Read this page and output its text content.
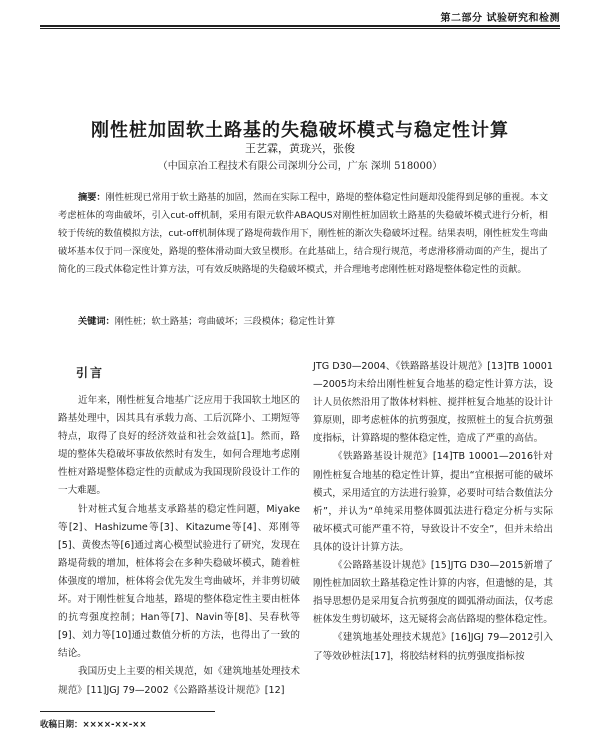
第二部分 试验研究和检测
刚性桩加固软土路基的失稳破坏模式与稳定性计算
王艺霖，黄珑兴，张俊
（中国京冶工程技术有限公司深圳分公司，广东 深圳 518000）

摘要：刚性桩现已常用于软土路基的加固，然而在实际工程中，路堤的整体稳定性问题却没能得到足够的重视。本文考虑桩体的弯曲破坏，引入cut-off机制，采用有限元软件ABAQUS对刚性桩加固软土路基的失稳破坏模式进行分析，相较于传统的数值模拟方法，cut-off机制体现了路堤荷载作用下，刚性桩的渐次失稳破坏过程。结果表明，刚性桩发生弯曲破坏基本仅于同一深度处，路堤的整体滑动面大致呈楔形。在此基础上，结合现行规范，考虑滑移滑动面的产生，提出了简化的三段式体稳定性计算方法，可有效反映路堤的失稳破坏模式，并合理地考虑刚性桩对路堤整体稳定性的贡献。

关键词：刚性桩；软土路基；弯曲破坏；三段模体；稳定性计算

引言

近年来，刚性桩复合地基广泛应用于我国软土地区的路基处理中，因其具有承载力高、工后沉降小、工期短等特点，取得了良好的经济效益和社会效益[1]。然而，路堤的整体失稳破坏事故依然时有发生，如何合理地考虑刚性桩对路堤整体稳定性的贡献成为我国现阶段设计工作的一大难题。

针对桩式复合地基支承路基的稳定性问题，Miyake等[2]、Hashizume等[3]、Kitazume等[4]、郑刚等[5]、黄俊杰等[6]通过离心模型试验进行了研究，发现在路堤荷载的增加，桩体将会在多种失稳破坏模式，随着桩体强度的增加，桩体将会优先发生弯曲破坏，并非剪切破坏。对于刚性桩复合地基，路堤的整体稳定性主要由桩体的抗弯强度控制；Han等[7]、Navin等[8]、吴春秋等[9]、刘力等[10]通过数值分析的方法，也得出了一致的结论。

我国历史上主要的相关规范，如《建筑地基处理技术规范》[11]JGJ 79—2002《公路路基设计规范》[12]

JTG D30—2004、《铁路路基设计规范》[13]TB 10001—2005均未给出刚性桩复合地基的稳定性计算方法，设计人员依然沿用了散体材料桩、搅拌桩复合地基的设计计算原则，即考虑桩体的抗剪强度，按照桩土的复合抗剪强度指标，计算路堤的整体稳定性，造成了严重的高估。

《铁路路基设计规范》[14]TB 10001—2016针对刚性桩复合地基的稳定性计算，提出“宜根据可能的破坏模式，采用适宜的方法进行验算，必要时可结合数值法分析”，并认为“单纯采用整体圆弧法进行稳定分析与实际破坏模式可能严重不符，导致设计不安全”，但并未给出具体的设计计算方法。

《公路路基设计规范》[15]JTG D30—2015新增了刚性桩加固软土路基稳定性计算的内容，但遗憾的是，其指导思想仍是采用复合抗剪强度的圆弧滑动面法，仅考虑桩体发生剪切破坏，这无疑将会高估路堤的整体稳定性。

《建筑地基处理技术规范》[16]JGJ 79—2012引入了等效砂桩法[17]，将胶结材料的抗剪强度指标按

收稿日期：××××-××-××
